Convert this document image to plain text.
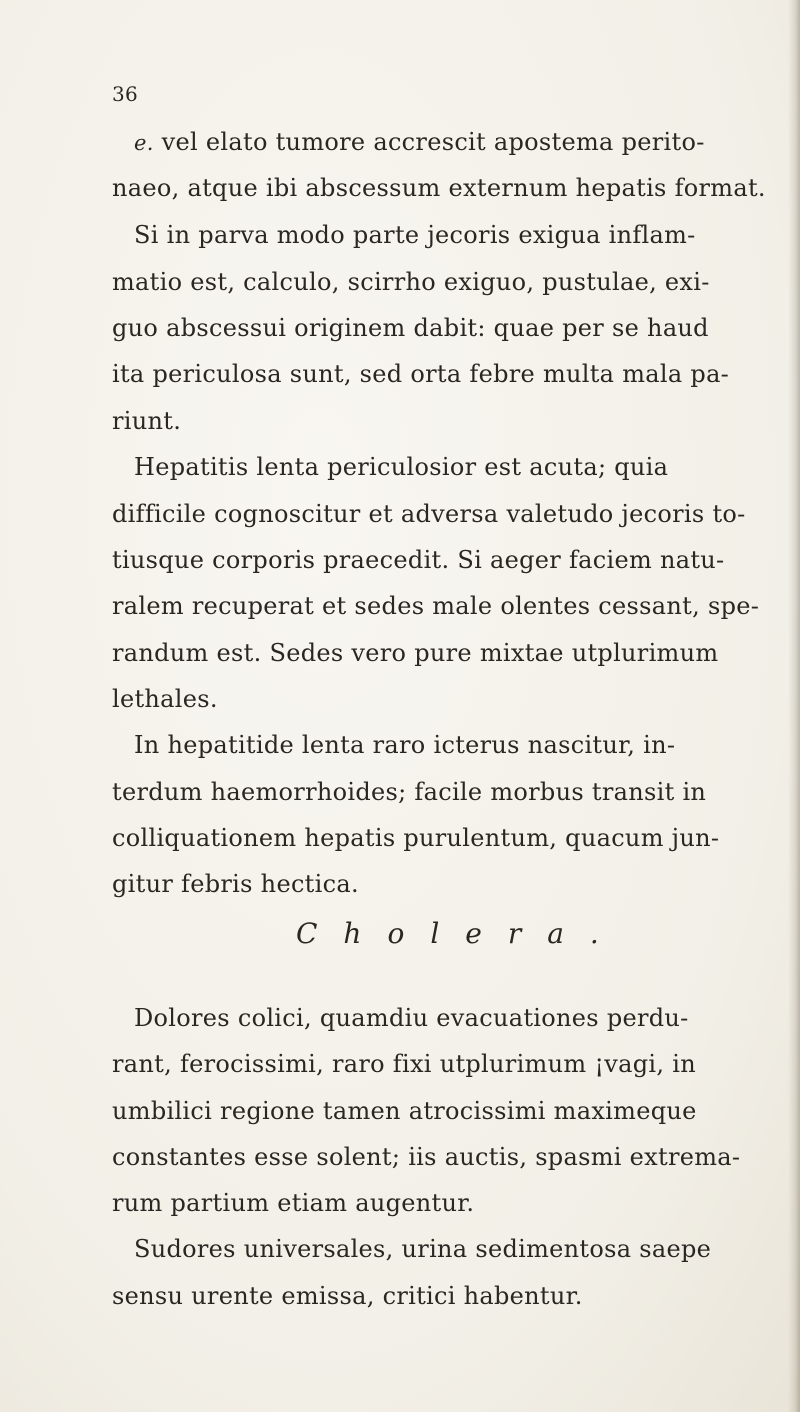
36
e. vel elato tumore accrescit apostema perito-
naeo, atque ibi abscessum externum hepatis format.
Si in parva modo parte jecoris exigua inflam-
matio est, calculo, scirrho exiguo, pustulae, exi-
guo abscessui originem dabit: quae per se haud
ita periculosa sunt, sed orta febre multa mala pa-
riunt.
Hepatitis lenta periculosior est acuta; quia
difficile cognoscitur et adversa valetudo jecoris to-
tiusque corporis praecedit. Si aeger faciem natu-
ralem recuperat et sedes male olentes cessant, spe-
randum est. Sedes vero pure mixtae utplurimum
lethales.
In hepatitide lenta raro icterus nascitur, in-
terdum haemorrhoides; facile morbus transit in
colliquationem hepatis purulentum, quacum jun-
gitur febris hectica.
Cholera.
Dolores colici, quamdiu evacuationes perdu-
rant, ferocissimi, raro fixi utplurimum ¡vagi, in
umbilici regione tamen atrocissimi maximeque
constantes esse solent; iis auctis, spasmi extrema-
rum partium etiam augentur.
Sudores universales, urina sedimentosa saepe
sensu urente emissa, critici habentur.
